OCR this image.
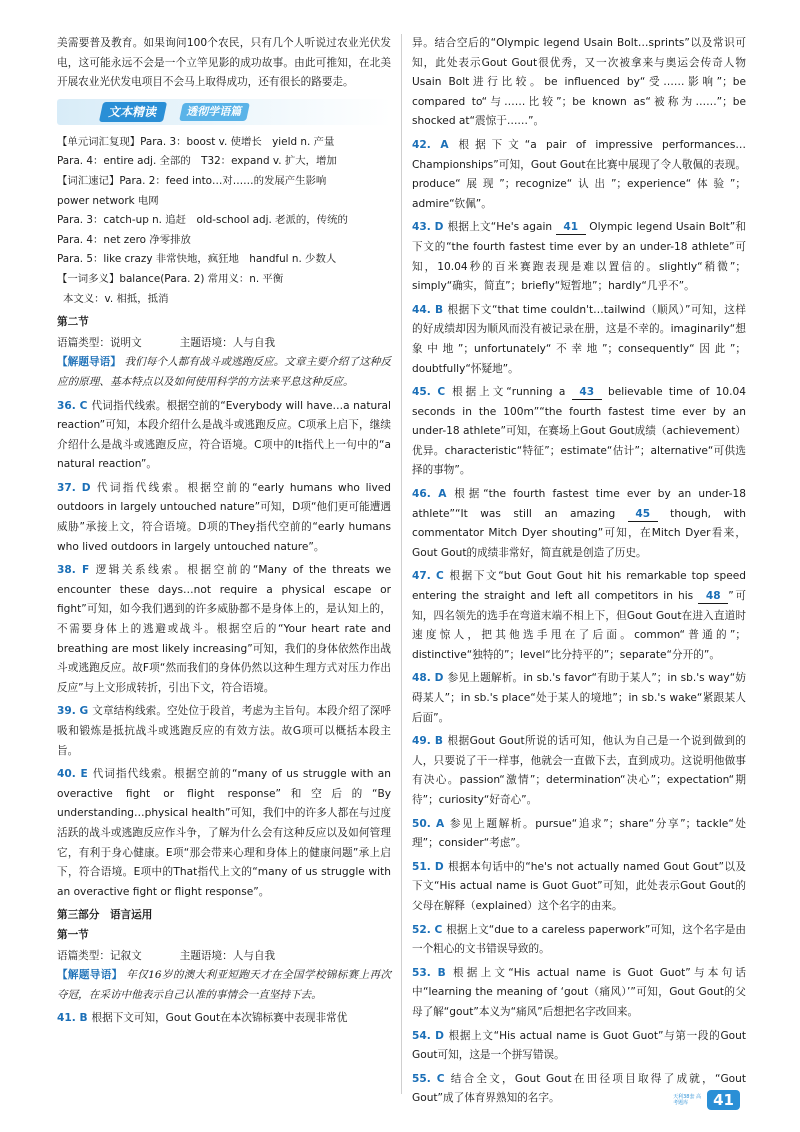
美需要普及教育。如果询问100个农民，只有几个人听说过农业光伏发电，这可能永远不会是一个立竿见影的成功故事。由此可推知，在北美开展农业光伏发电项目不会马上取得成功，还有很长的路要走。

文本精读	透彻学语篇

【单元词汇复现】Para. 3：boost v. 使增长　yield n. 产量

Para. 4：entire adj. 全部的　T32：expand v. 扩大，增加

【词汇速记】Para. 2：feed into…对……的发展产生影响

power network 电网

Para. 3：catch-up n. 追赶　old-school adj. 老派的，传统的

Para. 4：net zero 净零排放

Para. 5：like crazy 非常快地，疯狂地　handful n. 少数人

【一词多义】balance(Para. 2) 常用义：n. 平衡

本文义：v. 相抵，抵消

第二节

语篇类型：说明文	主题语境：人与自我

【解题导语】 我们每个人都有战斗或逃跑反应。文章主要介绍了这种反应的原理、基本特点以及如何使用科学的方法来平息这种反应。

36. C 代词指代线索。根据空前的“Everybody will have…a natural reaction”可知，本段介绍什么是战斗或逃跑反应。C项承上启下，继续介绍什么是战斗或逃跑反应，符合语境。C项中的It指代上一句中的“a natural reaction”。

37. D 代词指代线索。根据空前的“early humans who lived outdoors in largely untouched nature”可知，D项“他们更可能遭遇威胁”承接上文，符合语境。D项的They指代空前的“early humans who lived outdoors in largely untouched nature”。

38. F 逻辑关系线索。根据空前的“Many of the threats we encounter these days…not require a physical escape or fight”可知，如今我们遇到的许多威胁都不是身体上的，是认知上的，不需要身体上的逃避或战斗。根据空后的“Your heart rate and breathing are most likely increasing”可知，我们的身体依然作出战斗或逃跑反应。故F项“然而我们的身体仍然以这种生理方式对压力作出反应”与上文形成转折，引出下文，符合语境。

39. G 文章结构线索。空处位于段首，考虑为主旨句。本段介绍了深呼吸和锻炼是抵抗战斗或逃跑反应的有效方法。故G项可以概括本段主旨。

40. E 代词指代线索。根据空前的“many of us struggle with an overactive fight or flight response”和空后的“By understanding…physical health”可知，我们中的许多人都在与过度活跃的战斗或逃跑反应作斗争，了解为什么会有这种反应以及如何管理它，有利于身心健康。E项“那会带来心理和身体上的健康问题”承上启下，符合语境。E项中的That指代上文的“many of us struggle with an overactive fight or flight response”。

第三部分　语言运用

第一节

语篇类型：记叙文	主题语境：人与自我

【解题导语】 年仅16岁的澳大利亚短跑天才在全国学校锦标赛上再次夺冠，在采访中他表示自己认准的事情会一直坚持下去。

41. B 根据下文可知，Gout Gout在本次锦标赛中表现非常优

异。结合空后的“Olympic legend Usain Bolt…sprints”以及常识可知，此处表示Gout Gout很优秀，又一次被拿来与奥运会传奇人物Usain Bolt进行比较。be influenced by“受……影响”；be compared to“与……比较”；be known as“被称为……”；be shocked at“震惊于……”。

42. A 根据下文“a pair of impressive performances…Championships”可知，Gout Gout在比赛中展现了令人敬佩的表现。produce“展现”；recognize“认出”；experience“体验”；admire“钦佩”。

43. D 根据上文“He's again 41 Olympic legend Usain Bolt”和下文的“the fourth fastest time ever by an under-18 athlete”可知，10.04秒的百米赛跑表现是难以置信的。slightly“稍微”；simply“确实，简直”；briefly“短暂地”；hardly“几乎不”。

44. B 根据下文“that time couldn't…tailwind（顺风）”可知，这样的好成绩却因为顺风而没有被记录在册，这是不幸的。imaginarily“想象中地”；unfortunately“不幸地”；consequently“因此”；doubtfully“怀疑地”。

45. C 根据上文“running a 43 believable time of 10.04 seconds in the 100m”“the fourth fastest time ever by an under-18 athlete”可知，在赛场上Gout Gout成绩（achievement）优异。characteristic“特征”；estimate“估计”；alternative“可供选择的事物”。

46. A 根据“the fourth fastest time ever by an under-18 athlete”“It was still an amazing 45 though, with commentator Mitch Dyer shouting”可知，在Mitch Dyer看来，Gout Gout的成绩非常好，简直就是创造了历史。

47. C 根据下文“but Gout Gout hit his remarkable top speed entering the straight and left all competitors in his 48 ”可知，四名领先的选手在弯道末端不相上下，但Gout Gout在进入直道时速度惊人，把其他选手甩在了后面。common“普通的”；distinctive“独特的”；level“比分持平的”；separate“分开的”。

48. D 参见上题解析。in sb.'s favor“有助于某人”；in sb.'s way“妨碍某人”；in sb.'s place“处于某人的境地”；in sb.'s wake“紧跟某人后面”。

49. B 根据Gout Gout所说的话可知，他认为自己是一个说到做到的人，只要说了干一样事，他就会一直做下去，直到成功。这说明他做事有决心。passion“激情”；determination“决心”；expectation“期待”；curiosity“好奇心”。

50. A 参见上题解析。pursue“追求”；share“分享”；tackle“处理”；consider“考虑”。

51. D 根据本句话中的“he's not actually named Gout Gout”以及下文“His actual name is Guot Guot”可知，此处表示Gout Gout的父母在解释（explained）这个名字的由来。

52. C 根据上文“due to a careless paperwork”可知，这个名字是由一个粗心的文书错误导致的。

53. B 根据上文“His actual name is Guot Guot”与本句话中“learning the meaning of ‘gout（痛风）’”可知，Gout Gout的父母了解“gout”本义为“痛风”后想把名字改回来。

54. D 根据上文“His actual name is Guot Guot”与第一段的Gout Gout可知，这是一个拼写错误。

55. C 结合全文，Gout Gout在田径项目取得了成就，“Gout Gout”成了体育界熟知的名字。	天利38套 高考题库	41
